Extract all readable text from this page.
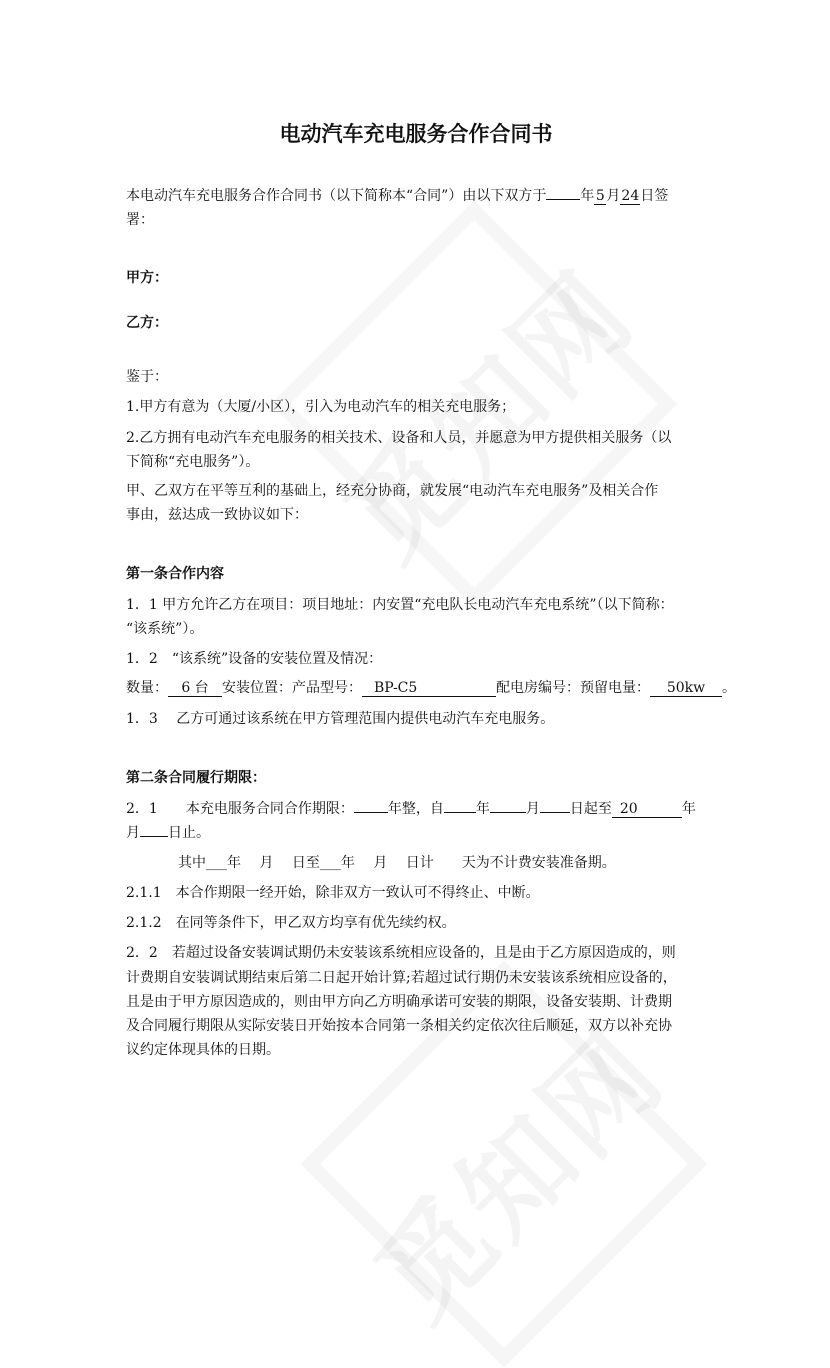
电动汽车充电服务合作合同书
本电动汽车充电服务合作合同书（以下简称本“合同”）由以下双方于 年 5 月24日签
署：
甲方：
乙方：
鉴于：
1.甲方有意为（大厦/小区），引入为电动汽车的相关充电服务；
2.乙方拥有电动汽车充电服务的相关技术、设备和人员，并愿意为甲方提供相关服务（以
下简称“充电服务”）。
甲、乙双方在平等互利的基础上，经充分协商，就发展“电动汽车充电服务”及相关合作
事由，兹达成一致协议如下：
第一条合作内容
1．1 甲方允许乙方在项目：项目地址：内安置“充电队长电动汽车充电系统”（以下简称：
“该系统”）。
1．2　“该系统”设备的安装位置及情况：
数量： 6 台 安装位置：产品型号： BP-C5	配电房编号：预留电量： 50kw 。
1．3　 乙方可通过该系统在甲方管理范围内提供电动汽车充电服务。
第二条合同履行期限：
2．1 本充电服务合同合作期限： 年整，自 年	月 日起至 20	年
月 日止。
其中___年　 月　 日至___年　 月　 日计　　天为不计费安装准备期。
2.1.1　本合作期限一经开始，除非双方一致认可不得终止、中断。
2.1.2　在同等条件下，甲乙双方均享有优先续约权。
2．2　若超过设备安装调试期仍未安装该系统相应设备的，且是由于乙方原因造成的，则
计费期自安装调试期结束后第二日起开始计算;若超过试行期仍未安装该系统相应设备的，
且是由于甲方原因造成的，则由甲方向乙方明确承诺可安装的期限，设备安装期、计费期
及合同履行期限从实际安装日开始按本合同第一条相关约定依次往后顺延，双方以补充协
议约定体现具体的日期。
